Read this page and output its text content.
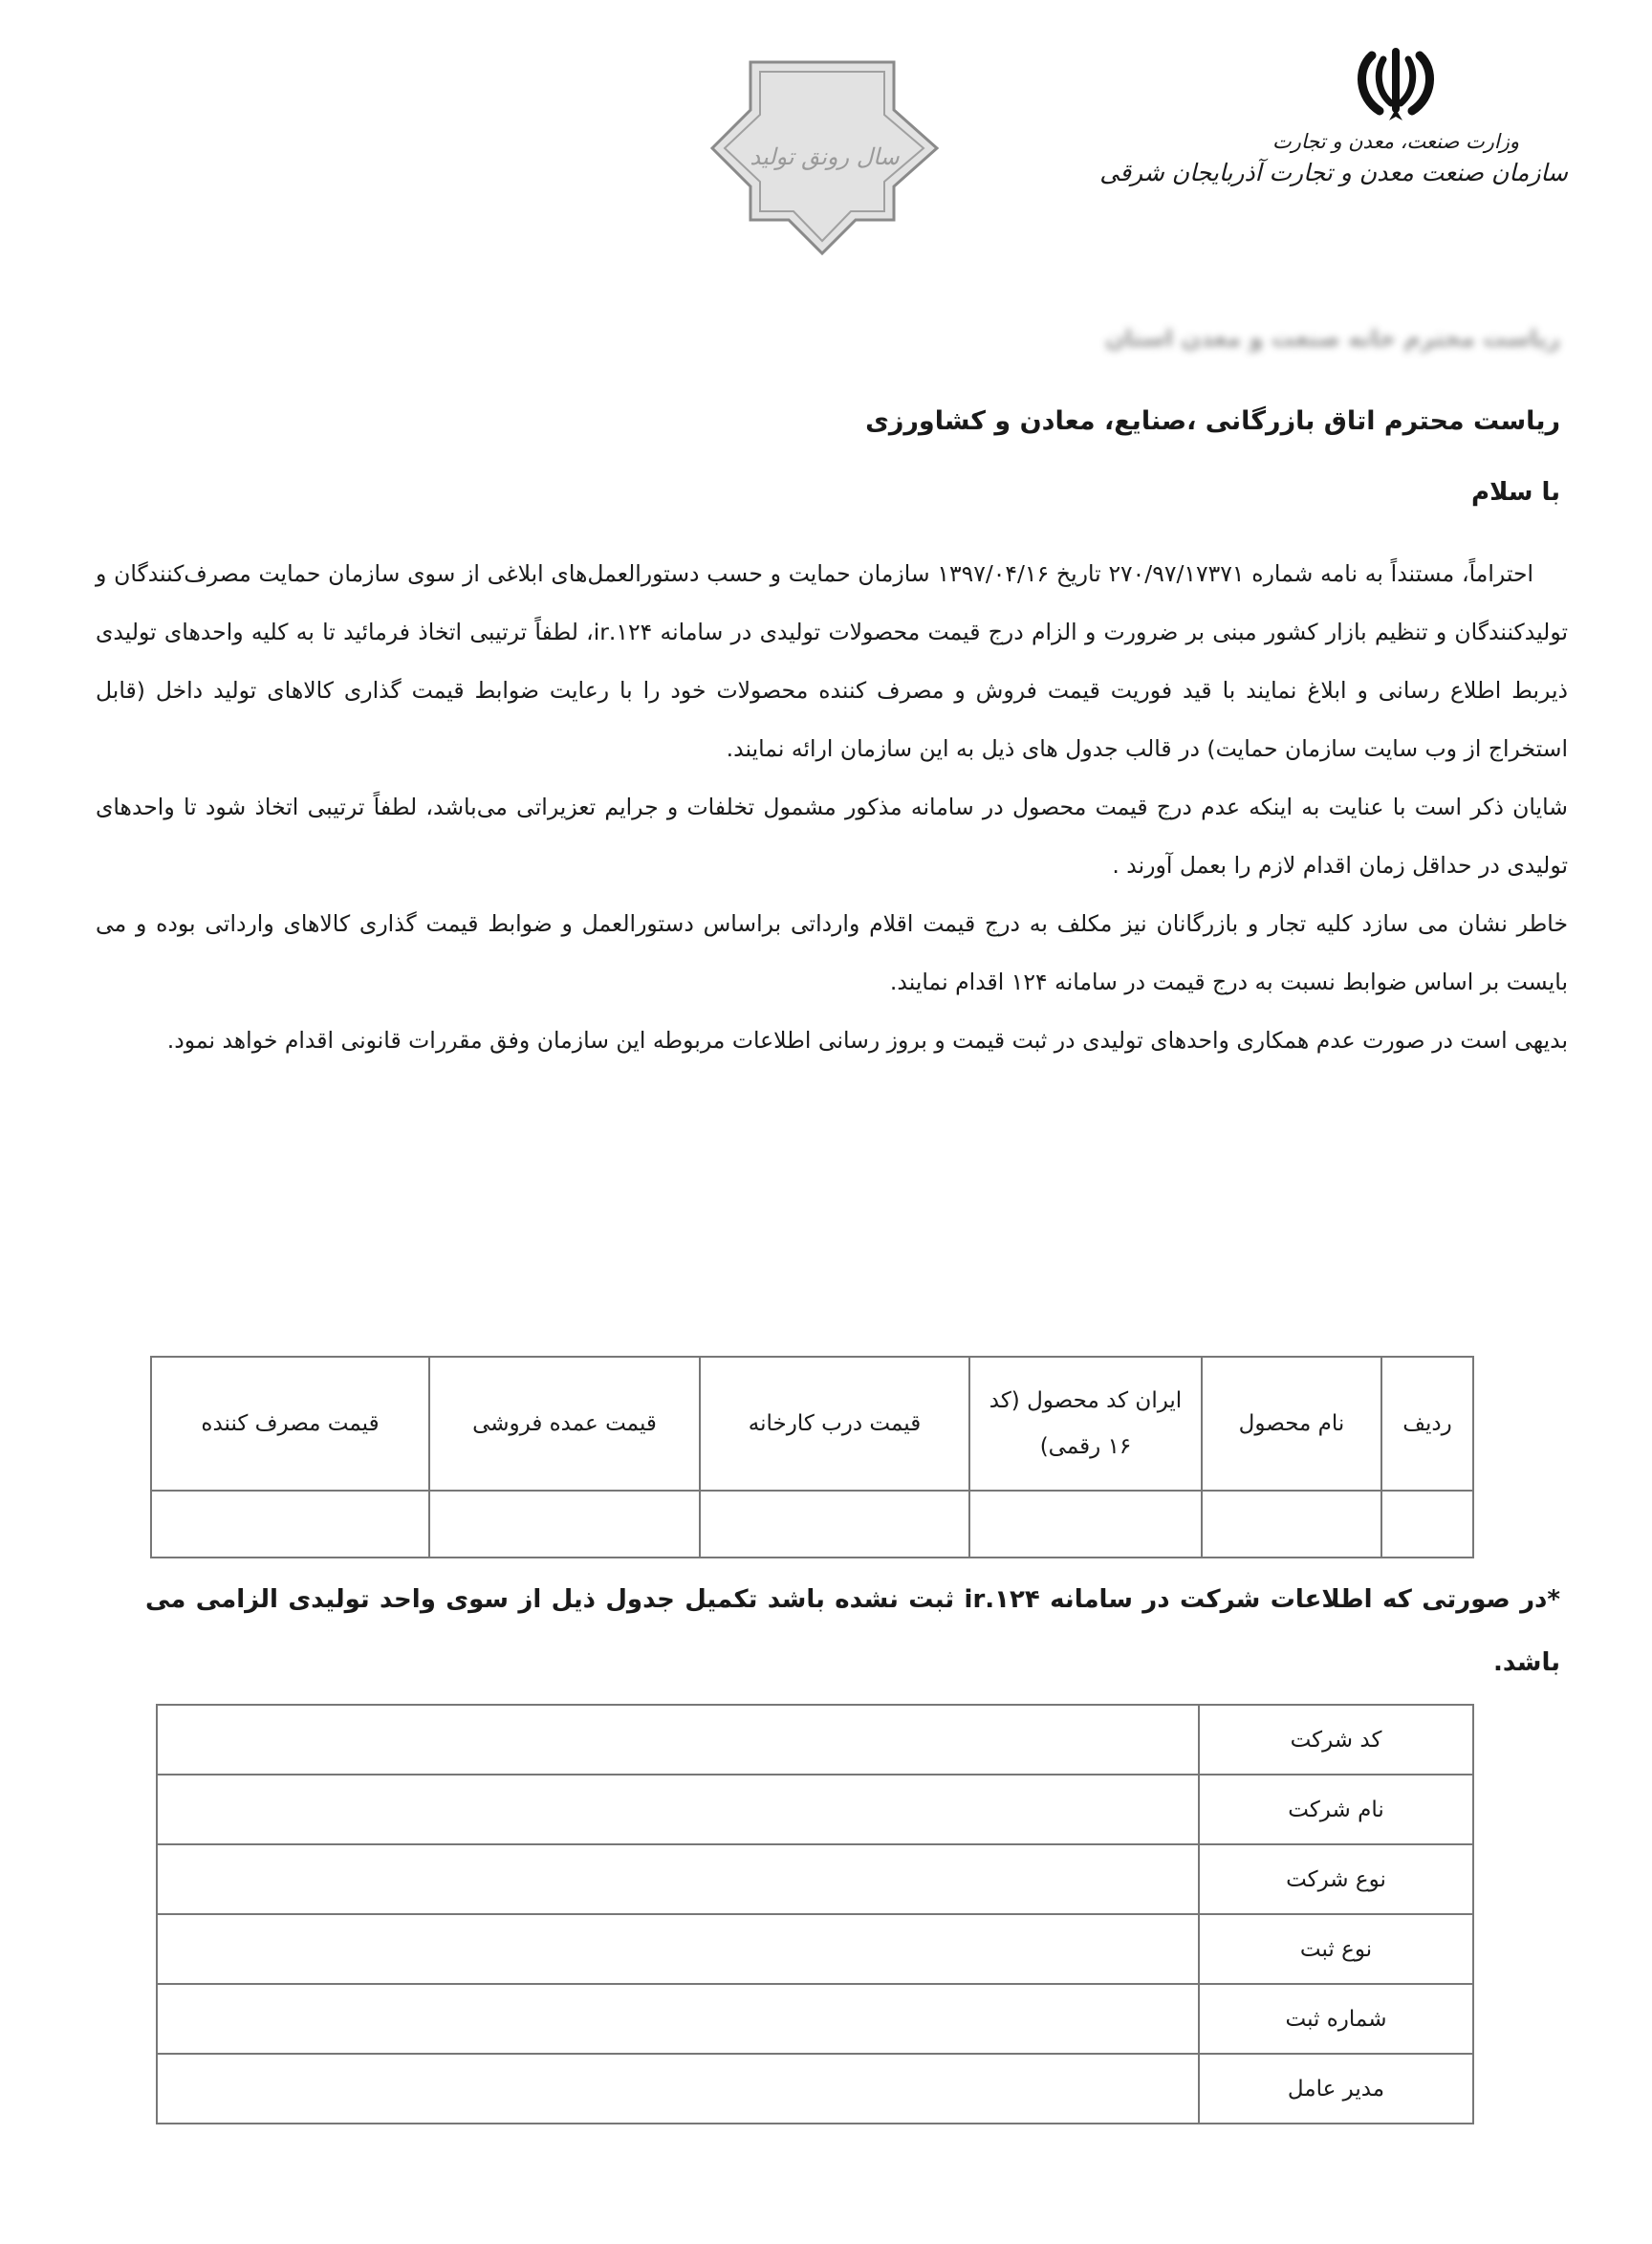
وزارت صنعت، معدن و تجارت
سازمان صنعت معدن و تجارت آذربایجان شرقی
سال رونق تولید
ریاست محترم خانه صنعت و معدن استان
ریاست محترم اتاق بازرگانی ،صنایع، معادن و کشاورزی
با سلام

احتراماً، مستنداً به نامه شماره ۲۷۰/۹۷/۱۷۳۷۱ تاریخ ۱۳۹۷/۰۴/۱۶ سازمان حمایت و حسب دستورالعمل‌های ابلاغی از سوی سازمان حمایت مصرف‌کنندگان و تولیدکنندگان و تنظیم بازار کشور مبنی بر ضرورت و الزام درج قیمت محصولات تولیدی در سامانه ۱۲۴.ir، لطفاً ترتیبی اتخاذ فرمائید تا به کلیه واحدهای تولیدی ذیربط اطلاع رسانی و ابلاغ نمایند با قید فوریت قیمت فروش و مصرف کننده محصولات خود را با رعایت ضوابط قیمت گذاری کالاهای تولید داخل (قابل استخراج از وب سایت سازمان حمایت) در قالب جدول های ذیل به این سازمان ارائه نمایند.

شایان ذکر است با عنایت به اینکه عدم درج قیمت محصول در سامانه مذکور مشمول تخلفات و جرایم تعزیراتی می‌باشد، لطفاً ترتیبی اتخاذ شود تا واحدهای تولیدی در حداقل زمان اقدام لازم را بعمل آورند .

خاطر نشان می سازد کلیه تجار و بازرگانان نیز مکلف به درج قیمت اقلام وارداتی براساس دستورالعمل و ضوابط قیمت گذاری کالاهای وارداتی بوده و می بایست بر اساس ضوابط نسبت به درج قیمت در سامانه ۱۲۴ اقدام نمایند.

بدیهی است در صورت عدم همکاری واحدهای تولیدی در ثبت قیمت و بروز رسانی اطلاعات مربوطه این سازمان وفق مقررات قانونی اقدام خواهد نمود.

ردیف	نام محصول	ایران کد محصول (کد ۱۶ رقمی)	قیمت درب کارخانه	قیمت عمده فروشی	قیمت مصرف کننده

*در صورتی که اطلاعات شرکت در سامانه ۱۲۴.ir ثبت نشده باشد تکمیل جدول ذیل از سوی واحد تولیدی الزامی می باشد.

کد شرکت	
نام شرکت	
نوع شرکت	
نوع ثبت	
شماره ثبت	
مدیر عامل	
